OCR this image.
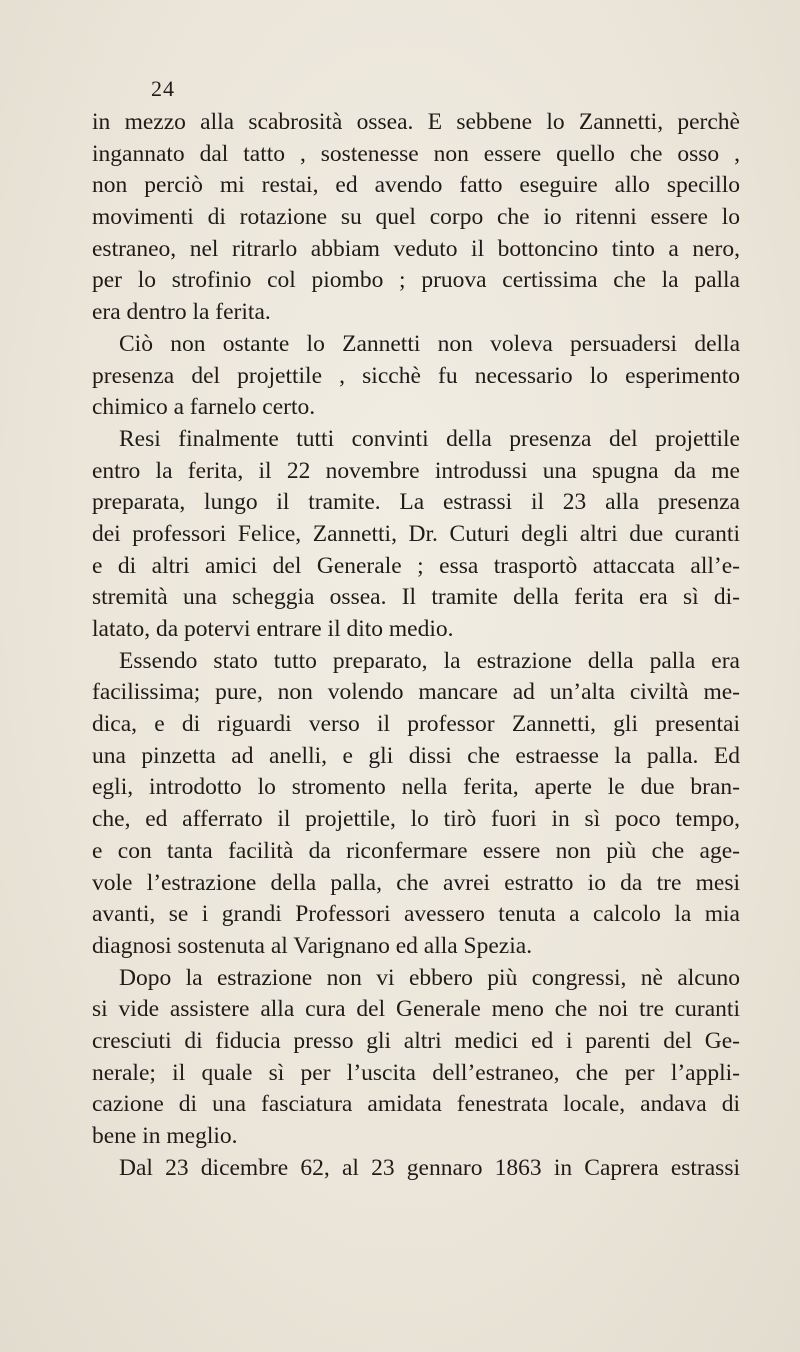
24
in mezzo alla scabrosità ossea. E sebbene lo Zannetti, perchè
ingannato dal tatto , sostenesse non essere quello che osso ,
non perciò mi restai, ed avendo fatto eseguire allo specillo
movimenti di rotazione su quel corpo che io ritenni essere lo
estraneo, nel ritrarlo abbiam veduto il bottoncino tinto a nero,
per lo strofinio col piombo ; pruova certissima che la palla
era dentro la ferita.
Ciò non ostante lo Zannetti non voleva persuadersi della
presenza del projettile , sicchè fu necessario lo esperimento
chimico a farnelo certo.
Resi finalmente tutti convinti della presenza del projettile
entro la ferita, il 22 novembre introdussi una spugna da me
preparata, lungo il tramite. La estrassi il 23 alla presenza
dei professori Felice, Zannetti, Dr. Cuturi degli altri due curanti
e di altri amici del Generale ; essa trasportò attaccata all’e-
stremità una scheggia ossea. Il tramite della ferita era sì di-
latato, da potervi entrare il dito medio.
Essendo stato tutto preparato, la estrazione della palla era
facilissima; pure, non volendo mancare ad un’alta civiltà me-
dica, e di riguardi verso il professor Zannetti, gli presentai
una pinzetta ad anelli, e gli dissi che estraesse la palla. Ed
egli, introdotto lo stromento nella ferita, aperte le due bran-
che, ed afferrato il projettile, lo tirò fuori in sì poco tempo,
e con tanta facilità da riconfermare essere non più che age-
vole l’estrazione della palla, che avrei estratto io da tre mesi
avanti, se i grandi Professori avessero tenuta a calcolo la mia
diagnosi sostenuta al Varignano ed alla Spezia.
Dopo la estrazione non vi ebbero più congressi, nè alcuno
si vide assistere alla cura del Generale meno che noi tre curanti
cresciuti di fiducia presso gli altri medici ed i parenti del Ge-
nerale; il quale sì per l’uscita dell’estraneo, che per l’appli-
cazione di una fasciatura amidata fenestrata locale, andava di
bene in meglio.
Dal 23 dicembre 62, al 23 gennaro 1863 in Caprera estrassi
